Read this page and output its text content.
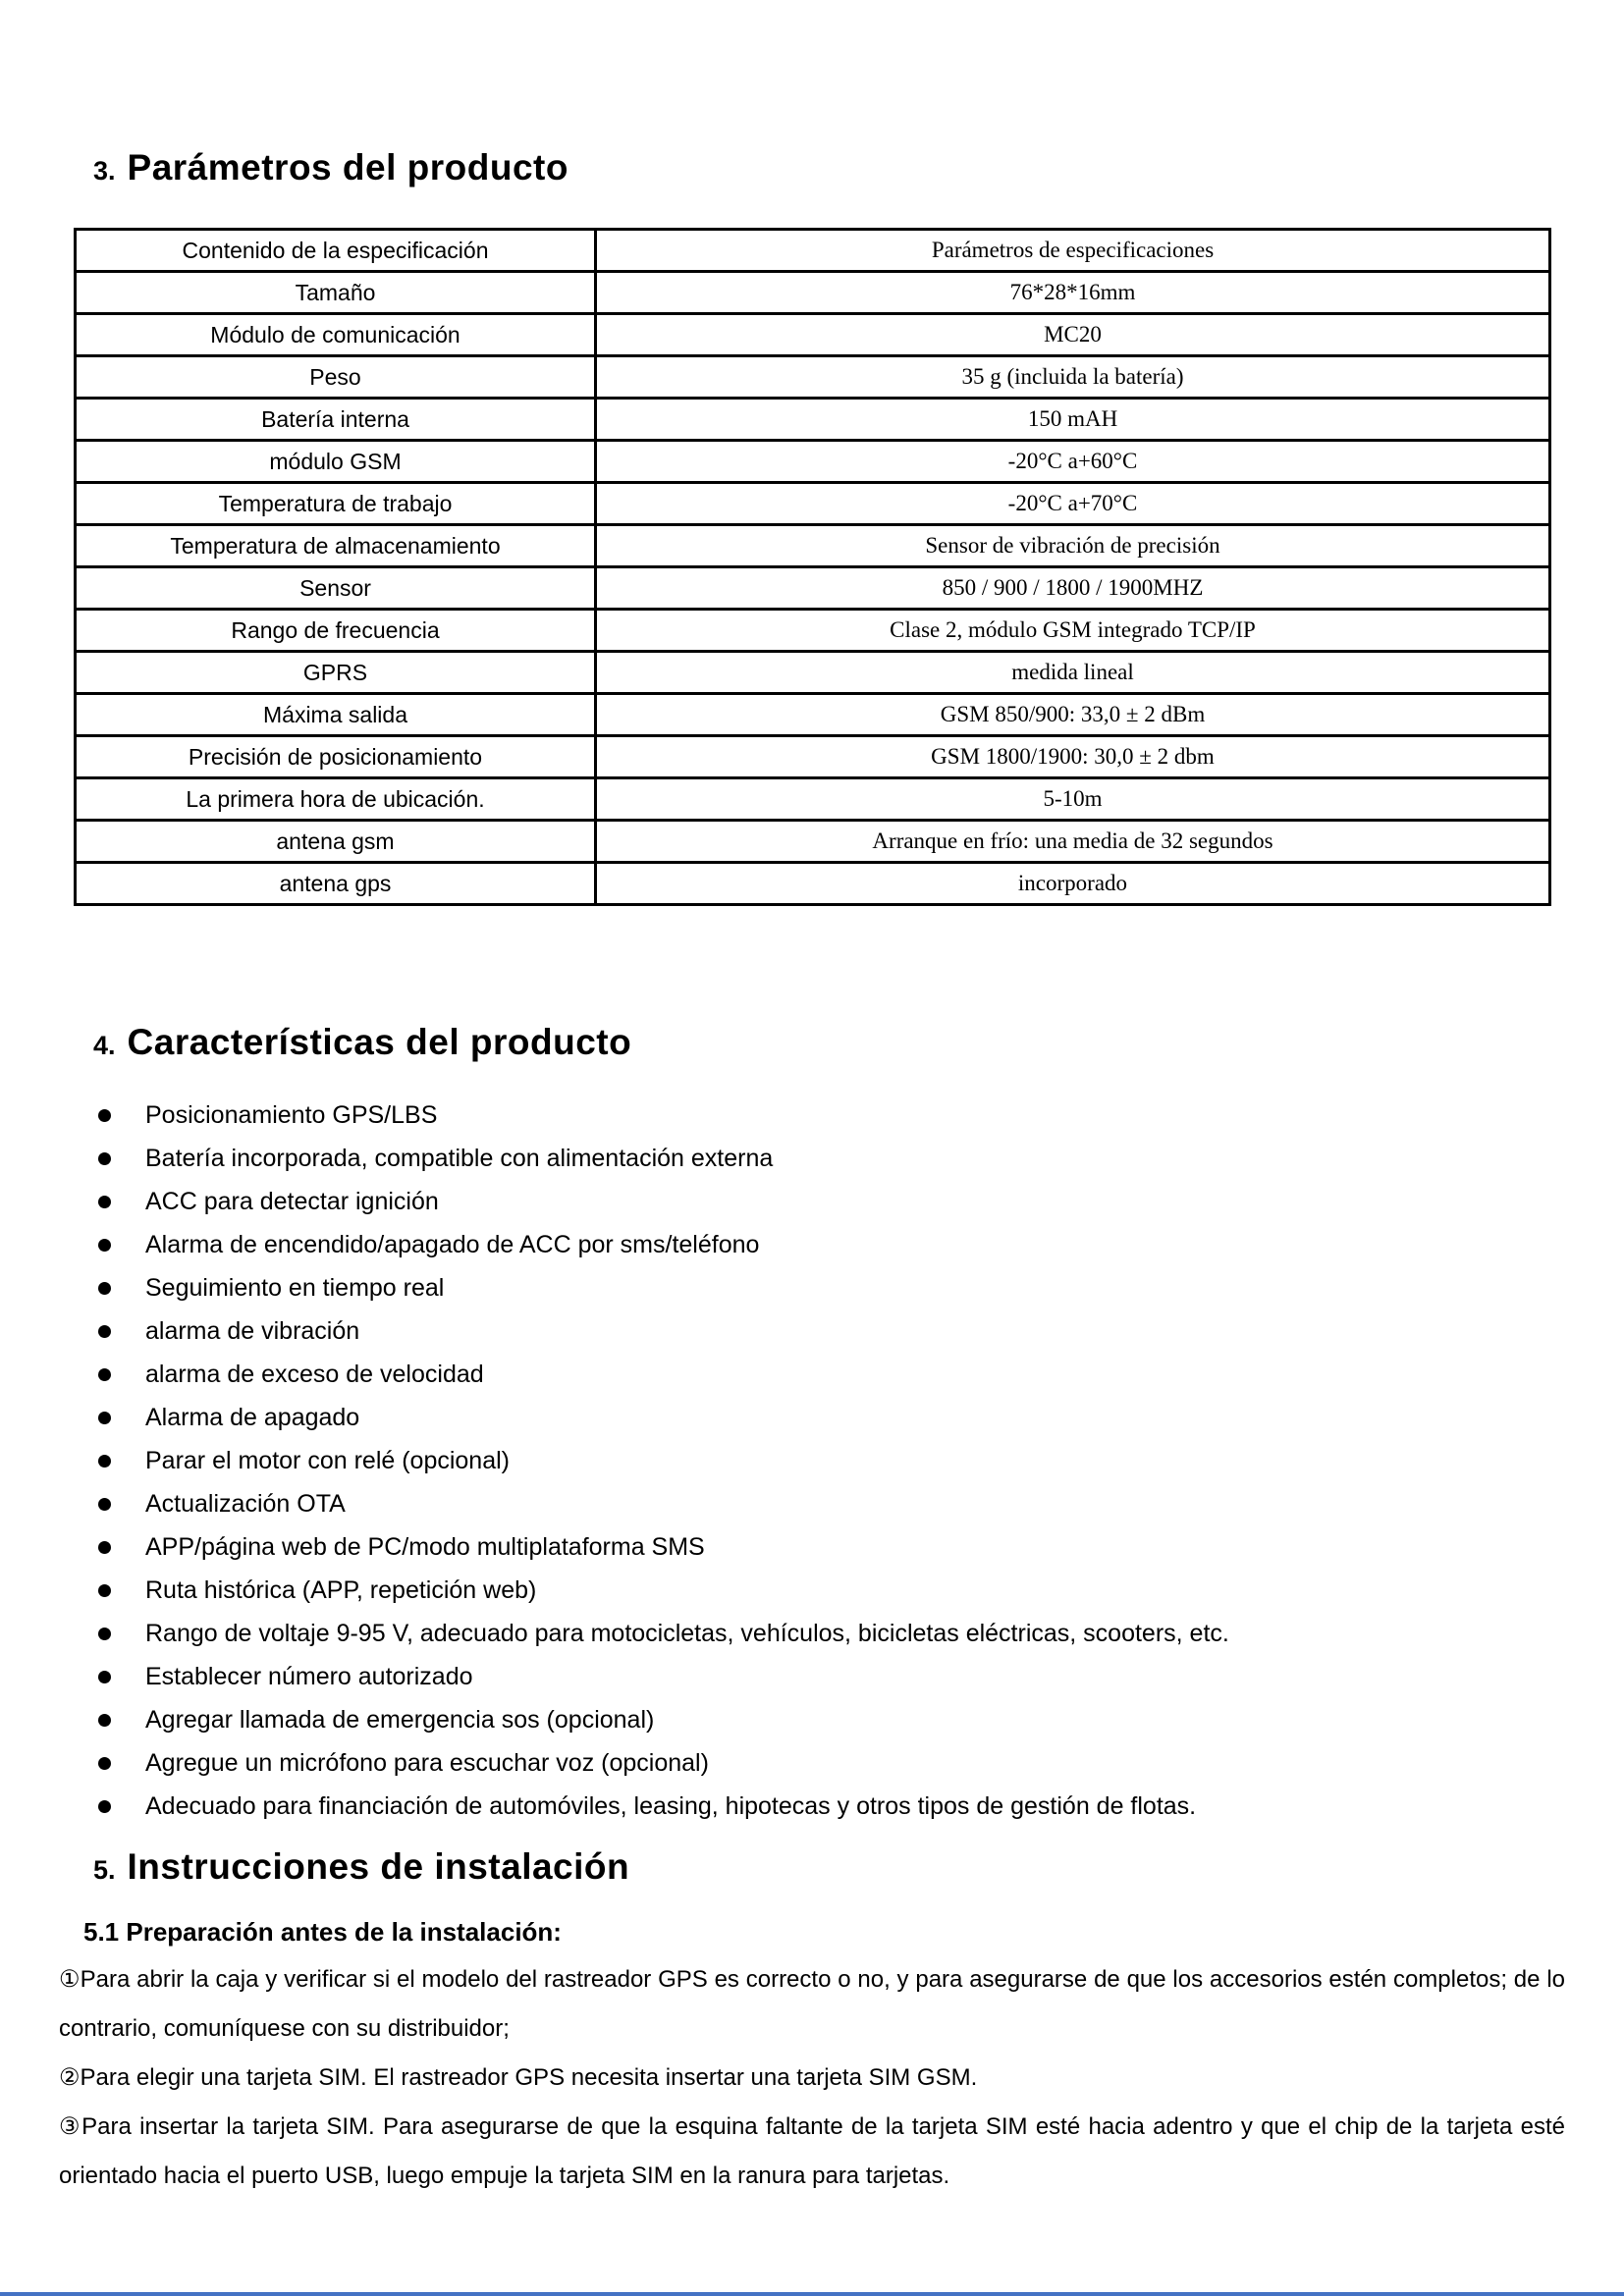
3. Parámetros del producto
Contenido de la especificación	Parámetros de especificaciones
Tamaño	76*28*16mm
Módulo de comunicación	MC20
Peso	35 g (incluida la batería)
Batería interna	150 mAH
módulo GSM	-20°C a+60°C
Temperatura de trabajo	-20°C a+70°C
Temperatura de almacenamiento	Sensor de vibración de precisión
Sensor	850 / 900 / 1800 / 1900MHZ
Rango de frecuencia	Clase 2, módulo GSM integrado TCP/IP
GPRS	medida lineal
Máxima salida	GSM 850/900: 33,0 ± 2 dBm
Precisión de posicionamiento	GSM 1800/1900: 30,0 ± 2 dbm
La primera hora de ubicación.	5-10m
antena gsm	Arranque en frío: una media de 32 segundos
antena gps	incorporado
4. Características del producto
Posicionamiento GPS/LBS
Batería incorporada, compatible con alimentación externa
ACC para detectar ignición
Alarma de encendido/apagado de ACC por sms/teléfono
Seguimiento en tiempo real
alarma de vibración
alarma de exceso de velocidad
Alarma de apagado
Parar el motor con relé (opcional)
Actualización OTA
APP/página web de PC/modo multiplataforma SMS
Ruta histórica (APP, repetición web)
Rango de voltaje 9-95 V, adecuado para motocicletas, vehículos, bicicletas eléctricas, scooters, etc.
Establecer número autorizado
Agregar llamada de emergencia sos (opcional)
Agregue un micrófono para escuchar voz (opcional)
Adecuado para financiación de automóviles, leasing, hipotecas y otros tipos de gestión de flotas.
5. Instrucciones de instalación
5.1 Preparación antes de la instalación:

①Para abrir la caja y verificar si el modelo del rastreador GPS es correcto o no, y para asegurarse de que los accesorios estén completos; de lo contrario, comuníquese con su distribuidor;

②Para elegir una tarjeta SIM. El rastreador GPS necesita insertar una tarjeta SIM GSM.

③Para insertar la tarjeta SIM. Para asegurarse de que la esquina faltante de la tarjeta SIM esté hacia adentro y que el chip de la tarjeta esté orientado hacia el puerto USB, luego empuje la tarjeta SIM en la ranura para tarjetas.
